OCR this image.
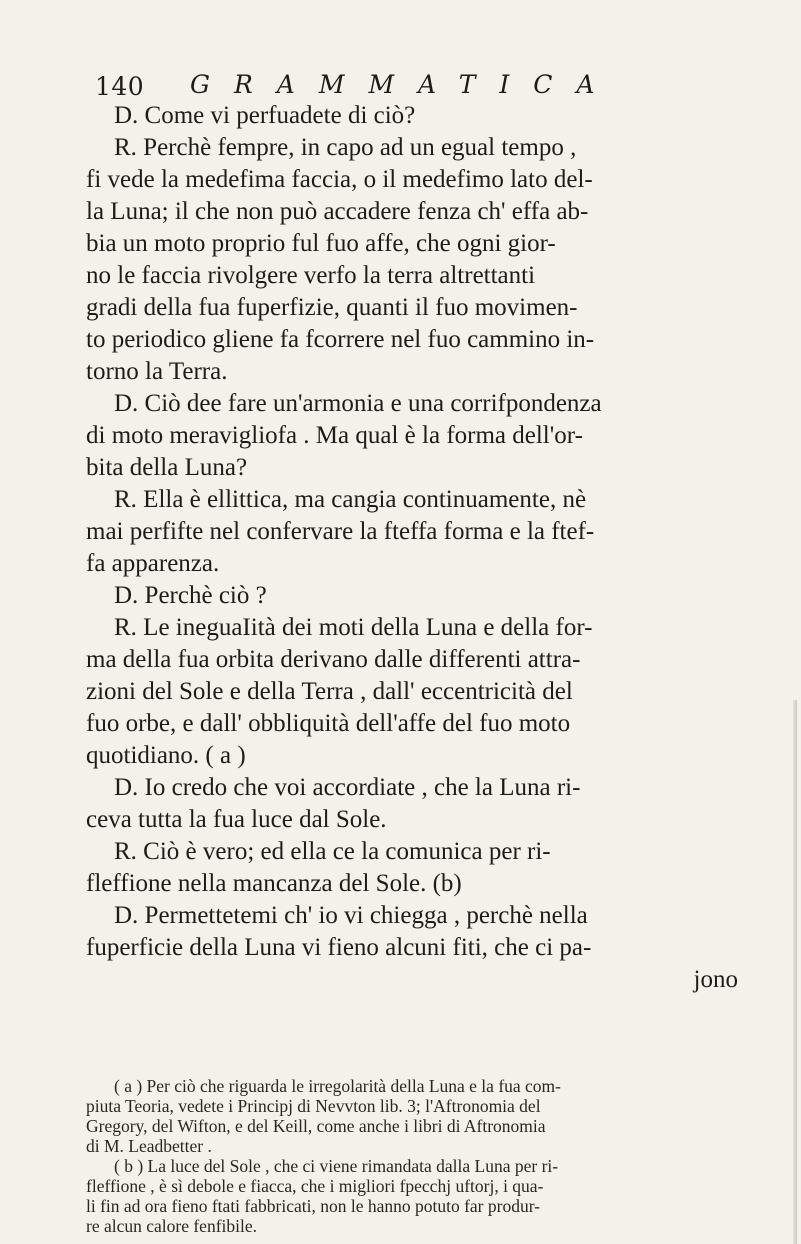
140 GRAMMATICA
D. Come vi perfuadete di ciò?
R. Perchè fempre, in capo ad un egual tempo ,
fi vede la medefima faccia, o il medefimo lato del-
la Luna; il che non può accadere fenza ch' effa ab-
bia un moto proprio ful fuo affe, che ogni gior-
no le faccia rivolgere verfo la terra altrettanti
gradi della fua fuperfizie, quanti il fuo movimen-
to periodico gliene fa fcorrere nel fuo cammino in-
torno la Terra.
D. Ciò dee fare un'armonia e una corrifpondenza
di moto meravigliofa . Ma qual è la forma dell'or-
bita della Luna?
R. Ella è ellittica, ma cangia continuamente, nè
mai perfifte nel confervare la fteffa forma e la ftef-
fa apparenza.
D. Perchè ciò ?
R. Le ineguaIità dei moti della Luna e della for-
ma della fua orbita derivano dalle differenti attra-
zioni del Sole e della Terra , dall' eccentricità del
fuo orbe, e dall' obbliquità dell'affe del fuo moto
quotidiano. ( a )
D. Io credo che voi accordiate , che la Luna ri-
ceva tutta la fua luce dal Sole.
R. Ciò è vero; ed ella ce la comunica per ri-
fleffione nella mancanza del Sole. (b)
D. Permettetemi ch' io vi chiegga , perchè nella
fuperficie della Luna vi fieno alcuni fiti, che ci pa-
jono
( a ) Per ciò che riguarda le irregolarità della Luna e la fua com-
piuta Teoria, vedete i Principj di Nevvton lib. 3; l'Aftronomia del
Gregory, del Wifton, e del Keill, come anche i libri di Aftronomia
di M. Leadbetter .
( b ) La luce del Sole , che ci viene rimandata dalla Luna per ri-
fleffione , è sì debole e fiacca, che i migliori fpecchj uftorj, i qua-
li fin ad ora fieno ftati fabbricati, non le hanno potuto far produr-
re alcun calore fenfibile.
